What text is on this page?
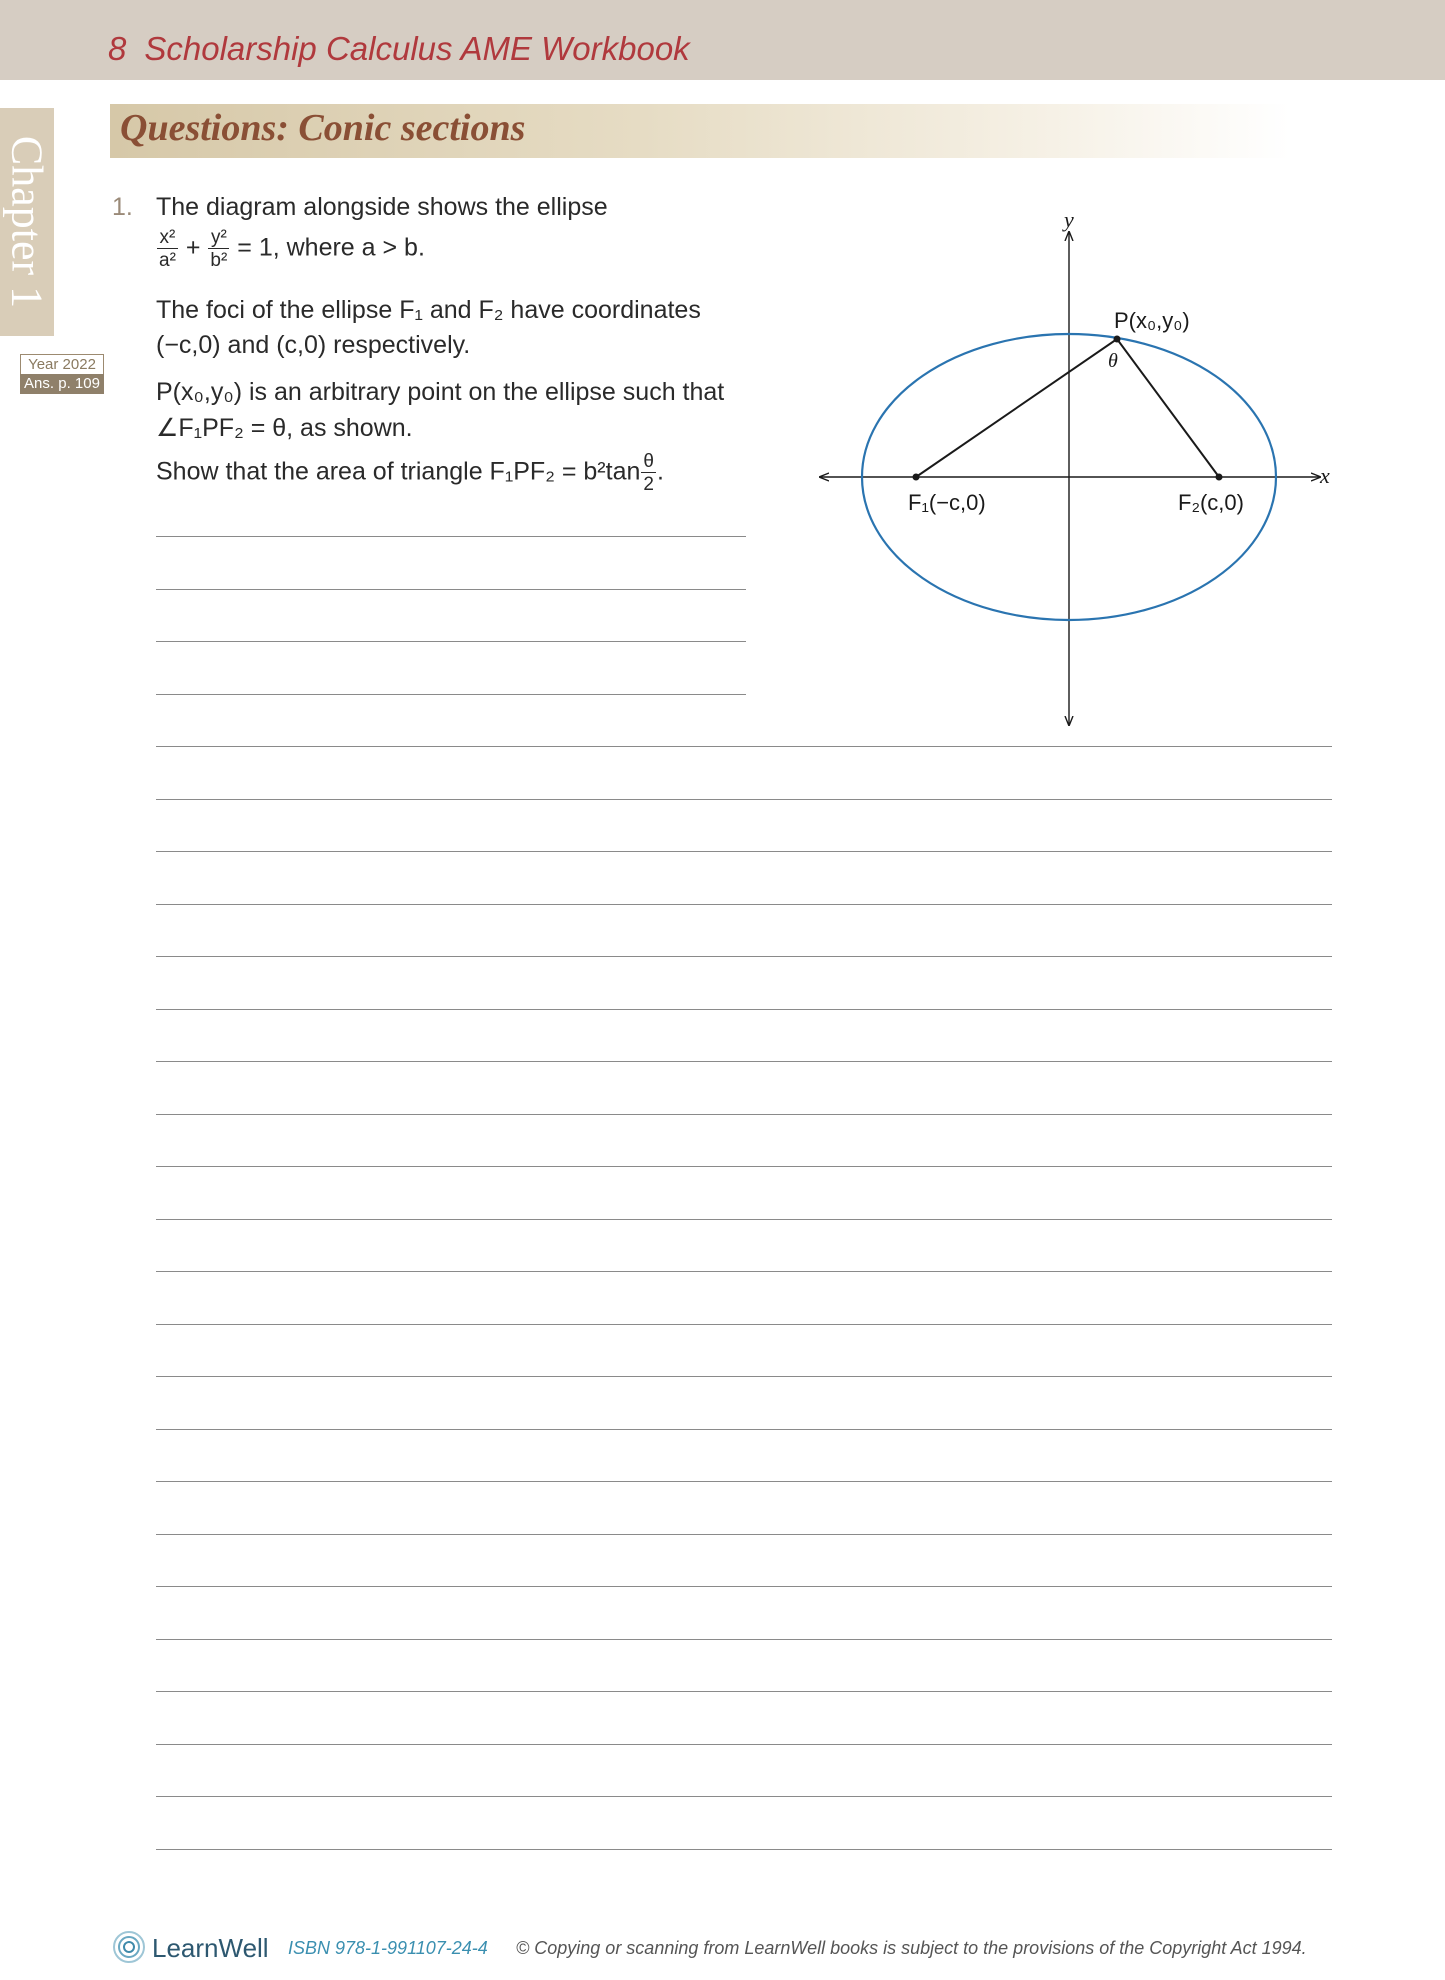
8 Scholarship Calculus AME Workbook
Chapter 1
Year 2022
Ans. p. 109
Questions: Conic sections
1. The diagram alongside shows the ellipse
$\frac{\text{x²}}{\text{a²}} + \frac{\text{y²}}{\text{b²}} = 1$, where a > b.
The foci of the ellipse F₁ and F₂ have coordinates
(−c,0) and (c,0) respectively.
P(x₀,y₀) is an arbitrary point on the ellipse such that
∠F₁PF₂ = θ, as shown.
Show that the area of triangle $F_1PF_2 = b^2\tan \frac{\theta}{2}$ .
y
x
P(x₀,y₀)
θ
F₁(−c,0)	F₂(c,0)
LearnWell ISBN 978-1-991107-24-4 © Copying or scanning from LearnWell books is subject to the provisions of the Copyright Act 1994.
